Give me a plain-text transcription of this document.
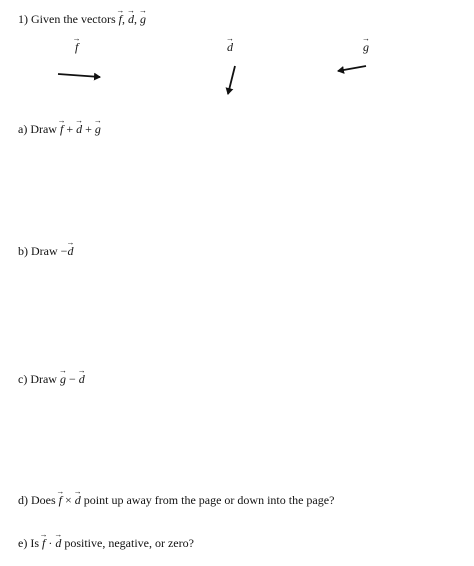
1) Given the vectors → f, → d, → g
→ f	→ d	→ g
a) Draw → f + → d + → g
b) Draw −→ d
c) Draw → g − → d
d) Does → f × → d point up away from the page or down into the page?
e) Is → f · → d positive, negative, or zero?
